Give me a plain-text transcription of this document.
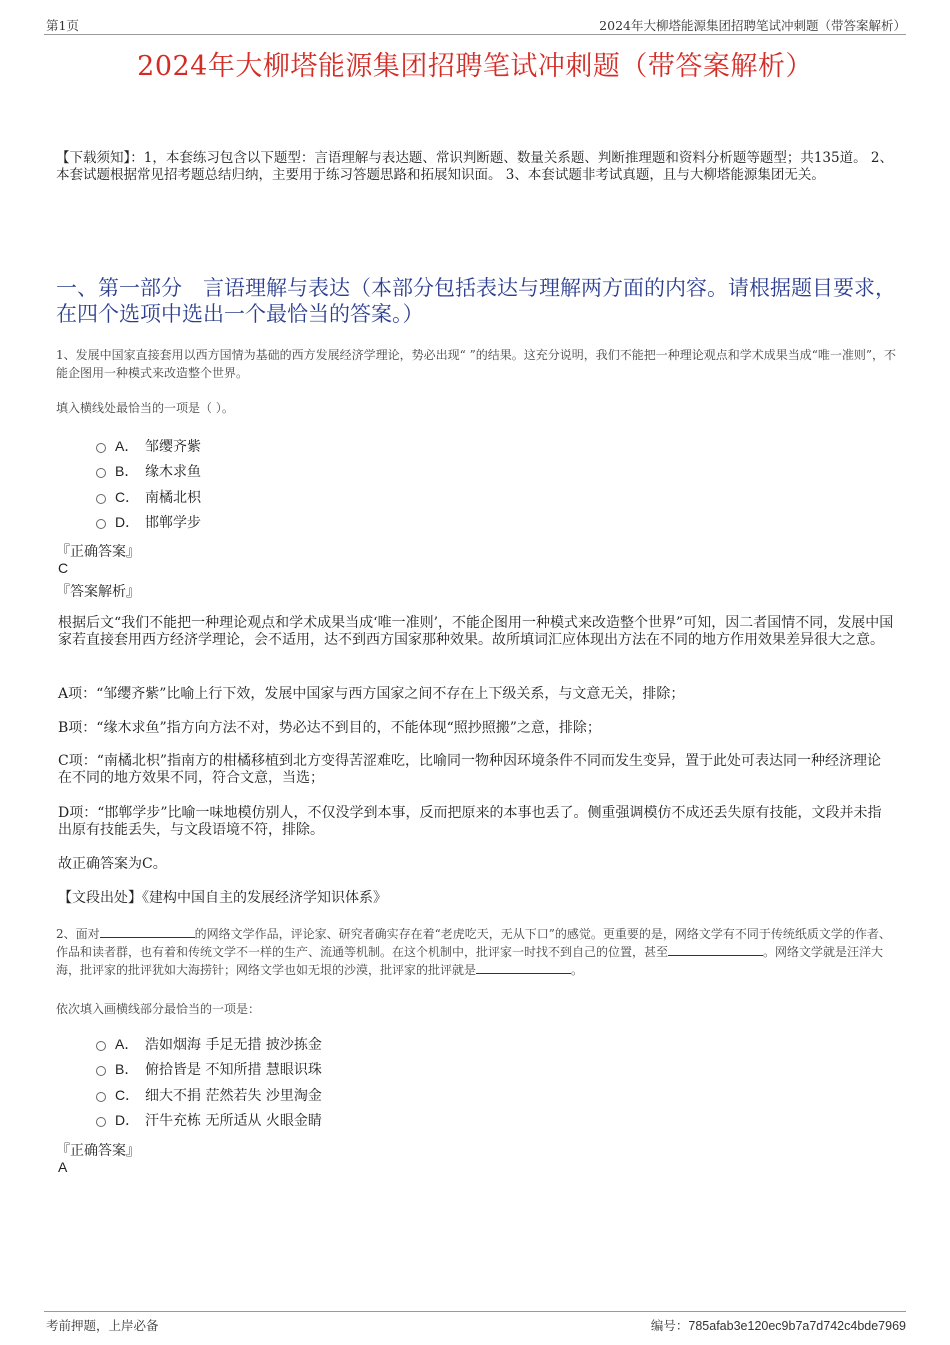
第1页	2024年大柳塔能源集团招聘笔试冲刺题（带答案解析）
2024年大柳塔能源集团招聘笔试冲刺题（带答案解析）
【下载须知】：1，本套练习包含以下题型：言语理解与表达题、常识判断题、数量关系题、判断推理题和资料分析题等题型；共135道。 2、本套试题根据常见招考题总结归纳，主要用于练习答题思路和拓展知识面。 3、本套试题非考试真题，且与大柳塔能源集团无关。
一、第一部分　言语理解与表达（本部分包括表达与理解两方面的内容。请根据题目要求，在四个选项中选出一个最恰当的答案。）
1、发展中国家直接套用以西方国情为基础的西方发展经济学理论，势必出现“ ”的结果。这充分说明，我们不能把一种理论观点和学术成果当成“唯一准则”，不能企图用一种模式来改造整个世界。
填入横线处最恰当的一项是（ ）。
A． 邹缨齐紫
B． 缘木求鱼
C． 南橘北枳
D． 邯郸学步
『正确答案』
C
『答案解析』
根据后文“我们不能把一种理论观点和学术成果当成‘唯一准则’，不能企图用一种模式来改造整个世界”可知，因二者国情不同，发展中国家若直接套用西方经济学理论，会不适用，达不到西方国家那种效果。故所填词汇应体现出方法在不同的地方作用效果差异很大之意。
A项：“邹缨齐紫”比喻上行下效，发展中国家与西方国家之间不存在上下级关系，与文意无关，排除；
B项：“缘木求鱼”指方向方法不对，势必达不到目的，不能体现“照抄照搬”之意，排除；
C项：“南橘北枳”指南方的柑橘移植到北方变得苦涩难吃，比喻同一物种因环境条件不同而发生变异，置于此处可表达同一种经济理论在不同的地方效果不同，符合文意，当选；
D项：“邯郸学步”比喻一味地模仿别人，不仅没学到本事，反而把原来的本事也丢了。侧重强调模仿不成还丢失原有技能，文段并未指出原有技能丢失，与文段语境不符，排除。
故正确答案为C。
【文段出处】《建构中国自主的发展经济学知识体系》
2、面对	的网络文学作品，评论家、研究者确实存在着“老虎吃天，无从下口”的感觉。更重要的是，网络文学有不同于传统纸质文学的作者、作品和读者群，也有着和传统文学不一样的生产、流通等机制。在这个机制中，批评家一时找不到自己的位置，甚至	。网络文学就是汪洋大海，批评家的批评犹如大海捞针；网络文学也如无垠的沙漠，批评家的批评就是	。
依次填入画横线部分最恰当的一项是：
A． 浩如烟海 手足无措 披沙拣金
B． 俯拾皆是 不知所措 慧眼识珠
C． 细大不捐 茫然若失 沙里淘金
D． 汗牛充栋 无所适从 火眼金睛
『正确答案』
A
考前押题，上岸必备	编号：785afab3e120ec9b7a7d742c4bde7969
